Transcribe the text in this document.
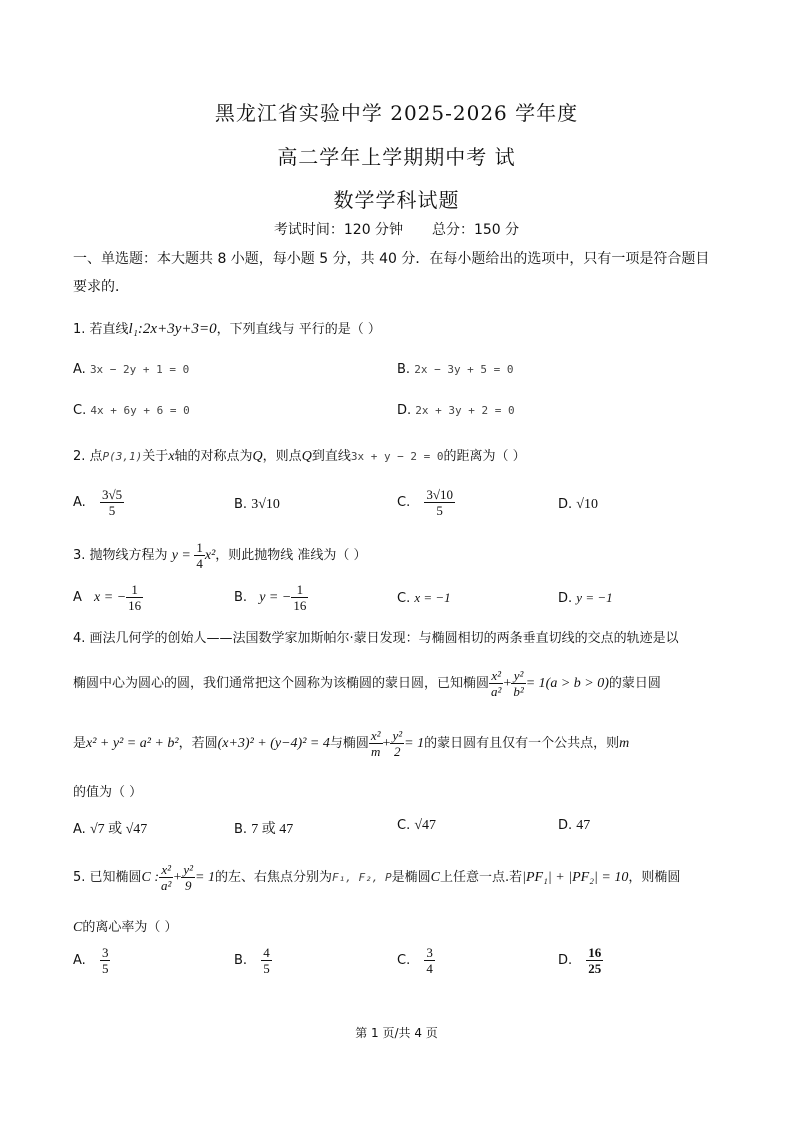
黑龙江省实验中学 2025-2026 学年度
高二学年上学期期中考 试
数学学科试题
考试时间：120 分钟 总分：150 分
一、单选题：本大题共 8 小题，每小题 5 分，共 40 分．在每小题给出的选项中，只有一项是符合题目要求的．
1. 若直线l₁:2x+3y+3=0，下列直线与 平行的是（ ）
A. 3x − 2y + 1 = 0	B. 2x − 3y + 5 = 0
C. 4x + 6y + 6 = 0	D. 2x + 3y + 2 = 0
2. 点P(3,1)关于x轴的对称点为Q，则点Q到直线3x + y − 2 = 0的距离为（ ）
A. $\frac{3√5}{5}$	B. 3√10	C. $\frac{3√10}{5}$	D. √10
3. 抛物线方程为 $y = \frac{1}{4} x^2$，则此抛物线 准线为（ ）
A x = − $\frac{1}{16}$	B. y = − $\frac{1}{16}$	C. x = −1	D. y = −1
4. 画法几何学的创始人——法国数学家加斯帕尔·蒙日发现：与椭圆相切的两条垂直切线的交点的轨迹是以
椭圆中心为圆心的圆，我们通常把这个圆称为该椭圆的蒙日圆，已知椭圆 $\frac{\text{x²}}{\text{a²}} + \frac{\text{y²}}{\text{b²}} = 1(a > b > 0)$的蒙日圆
是x² + y² = a² + b²，若圆(x+3)² + (y−4)² = 4与椭圆 $\frac{\text{x²}}{m} + \frac{\text{y²}}{2} = 1$的蒙日圆有且仅有一个公共点，则m
的值为（ ）
A. √7 或 √47	B. 7 或 47	C. √47	D. 47
5. 已知椭圆C : $\frac{\text{x²}}{\text{a²}} + \frac{\text{y²}}{9} = 1$的左、右焦点分别为F₁, F₂, P是椭圆C上任意一点.若|PF₁| + |PF₂| = 10，则椭圆
C的离心率为（ ）
A. $\frac{3}{5}$	B. $\frac{4}{5}$	C. $\frac{3}{4}$	D. $\frac{16}{25}$
第 1 页/共 4 页
